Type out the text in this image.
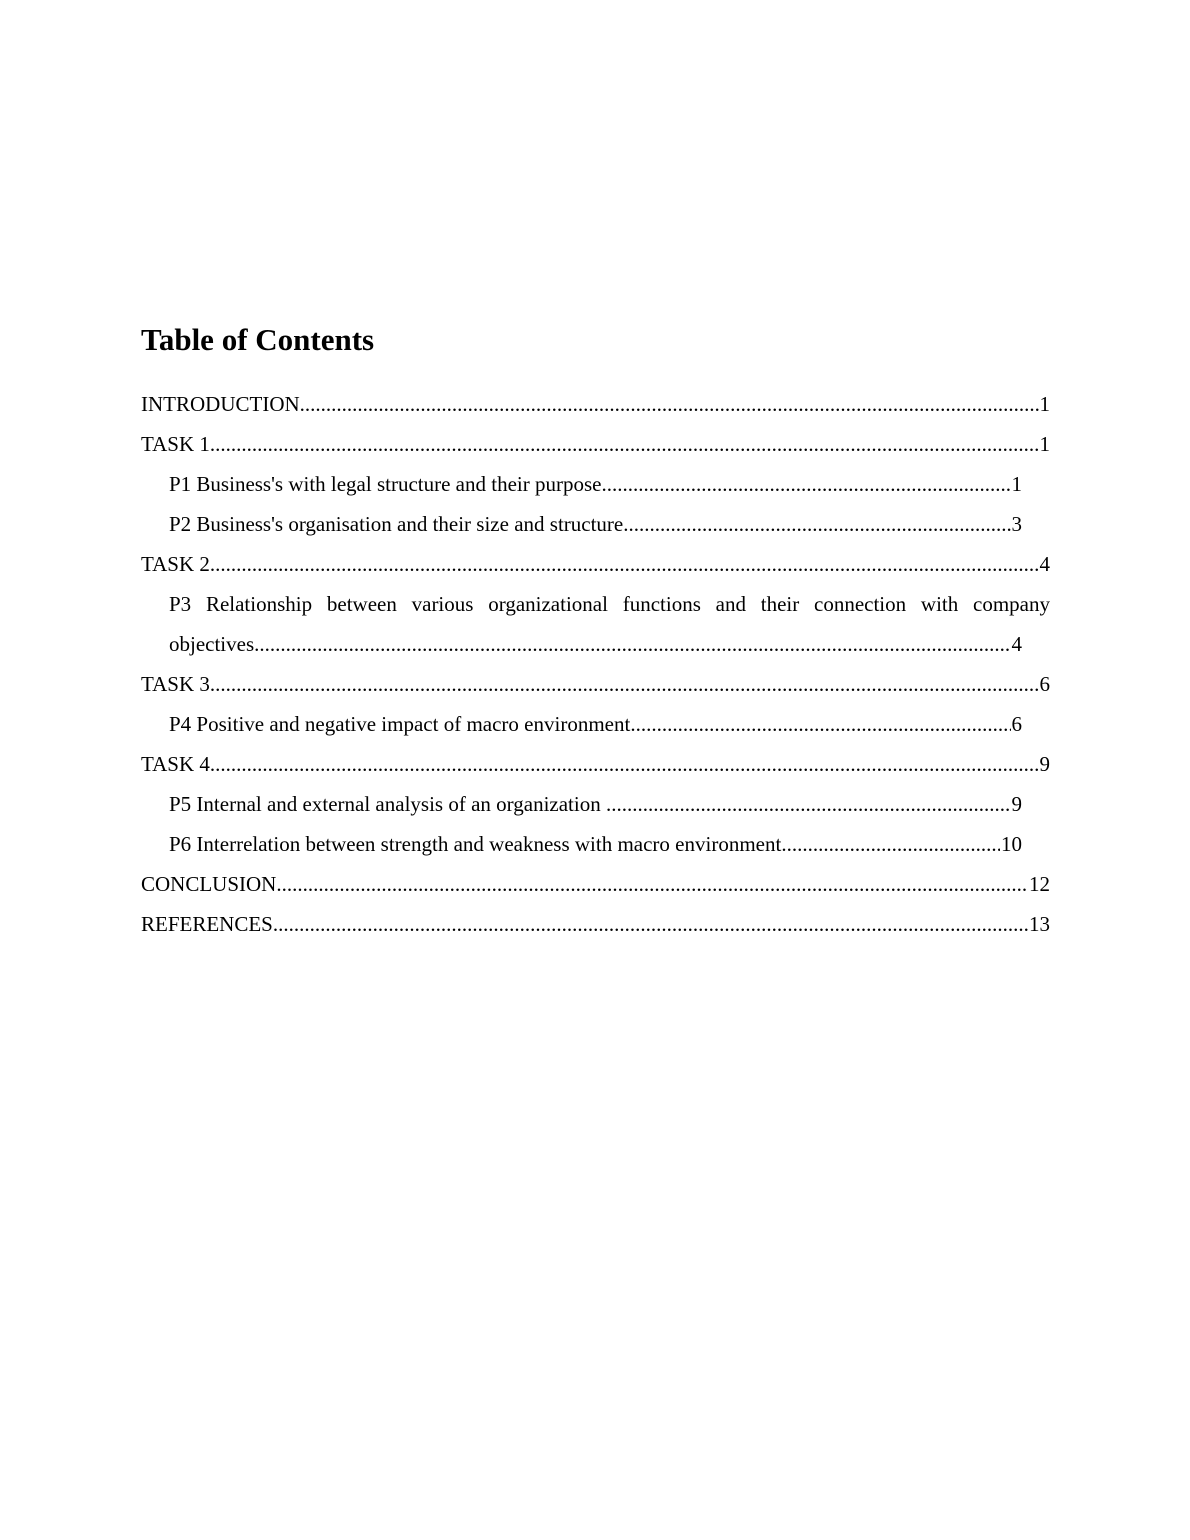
Table of Contents
INTRODUCTION .....	1
TASK 1 .....	1
P1 Business's with legal structure and their purpose .....	1
P2 Business's organisation and their size and structure .....	3
TASK 2 .....	4
P3 Relationship between various organizational functions and their connection with company
objectives .....	4
TASK 3 .....	6
P4 Positive and negative impact of macro environment .....	6
TASK 4 .....	9
P5 Internal and external analysis of an organization .....	9
P6 Interrelation between strength and weakness with macro environment .....	10
CONCLUSION .....	12
REFERENCES .....	13
